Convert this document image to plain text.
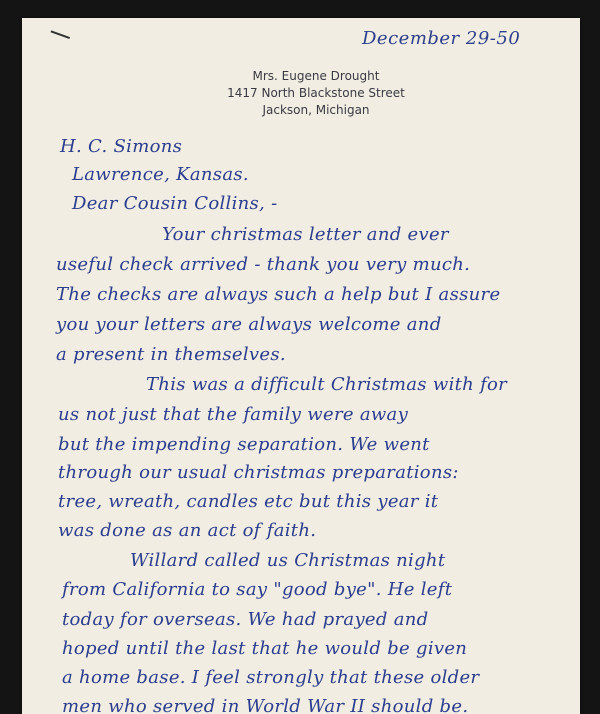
December 29-50
Mrs. Eugene Drought
1417 North Blackstone Street
Jackson, Michigan
H. C. Simons
Lawrence, Kansas.
Dear Cousin Collins, -
Your christmas letter and ever
useful check arrived - thank you very much.
The checks are always such a help but I assure
you your letters are always welcome and
a present in themselves.
This was a difficult Christmas with for
us not just that the family were away
but the impending separation. We went
through our usual christmas preparations:
tree, wreath, candles etc but this year it
was done as an act of faith.
Willard called us Christmas night
from California to say "good bye". He left
today for overseas. We had prayed and
hoped until the last that he would be given
a home base. I feel strongly that these older
men who served in World War II should be.
